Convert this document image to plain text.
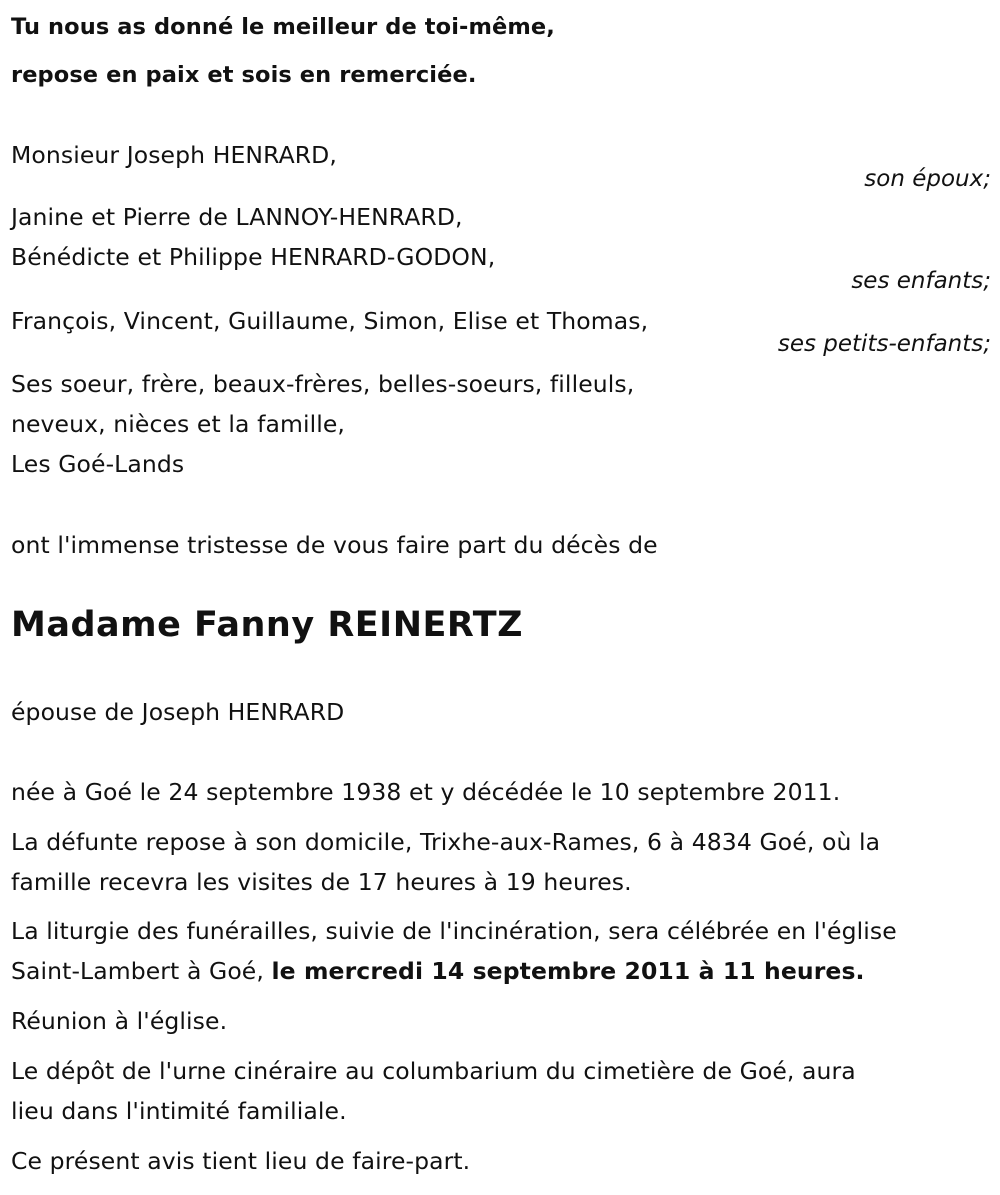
Tu nous as donné le meilleur de toi-même,
repose en paix et sois en remerciée.
Monsieur Joseph HENRARD,
son époux;
Janine et Pierre de LANNOY-HENRARD,
Bénédicte et Philippe HENRARD-GODON,
ses enfants;
François, Vincent, Guillaume, Simon, Elise et Thomas,
ses petits-enfants;
Ses soeur, frère, beaux-frères, belles-soeurs, filleuls,
neveux, nièces et la famille,
Les Goé-Lands
ont l'immense tristesse de vous faire part du décès de
Madame Fanny REINERTZ
épouse de Joseph HENRARD
née à Goé le 24 septembre 1938 et y décédée le 10 septembre 2011.
La défunte repose à son domicile, Trixhe-aux-Rames, 6 à 4834 Goé, où la
famille recevra les visites de 17 heures à 19 heures.
La liturgie des funérailles, suivie de l'incinération, sera célébrée en l'église
Saint-Lambert à Goé, le mercredi 14 septembre 2011 à 11 heures.
Réunion à l'église.
Le dépôt de l'urne cinéraire au columbarium du cimetière de Goé, aura
lieu dans l'intimité familiale.
Ce présent avis tient lieu de faire-part.
